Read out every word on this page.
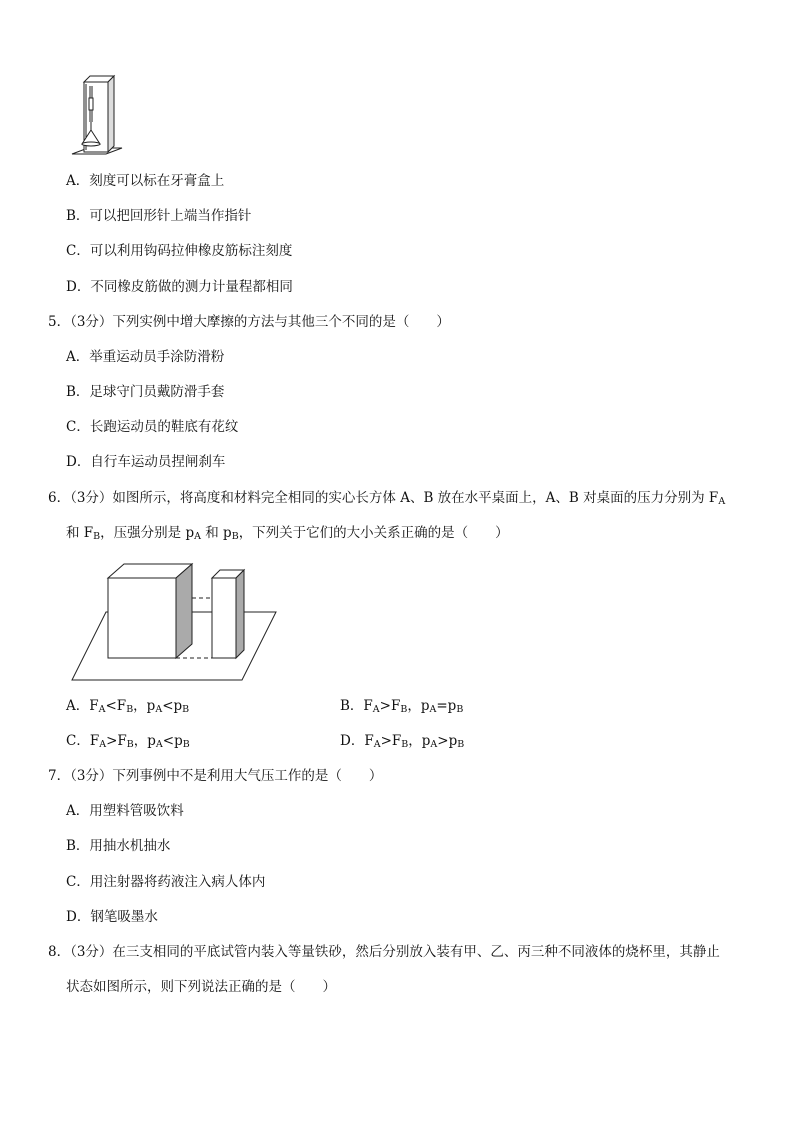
A．刻度可以标在牙膏盒上
B．可以把回形针上端当作指针
C．可以利用钩码拉伸橡皮筋标注刻度
D．不同橡皮筋做的测力计量程都相同
5．（3分）下列实例中增大摩擦的方法与其他三个不同的是（　　）
A．举重运动员手涂防滑粉
B．足球守门员戴防滑手套
C．长跑运动员的鞋底有花纹
D．自行车运动员捏闸刹车
6．（3分）如图所示，将高度和材料完全相同的实心长方体 A、B 放在水平桌面上，A、B 对桌面的压力分别为 $F_A$
和 $F_B$，压强分别是 $p_A$ 和 $p_B$，下列关于它们的大小关系正确的是（　　）
A．$F_A<F_B$，$p_A<p_B$	B．$F_A>F_B$，$p_A=p_B$
C．$F_A>F_B$，$p_A<p_B$	D．$F_A>F_B$，$p_A>p_B$
7．（3分）下列事例中不是利用大气压工作的是（　　）
A．用塑料管吸饮料
B．用抽水机抽水
C．用注射器将药液注入病人体内
D．钢笔吸墨水
8．（3分）在三支相同的平底试管内装入等量铁砂，然后分别放入装有甲、乙、丙三种不同液体的烧杯里，其静止
状态如图所示，则下列说法正确的是（　　）
